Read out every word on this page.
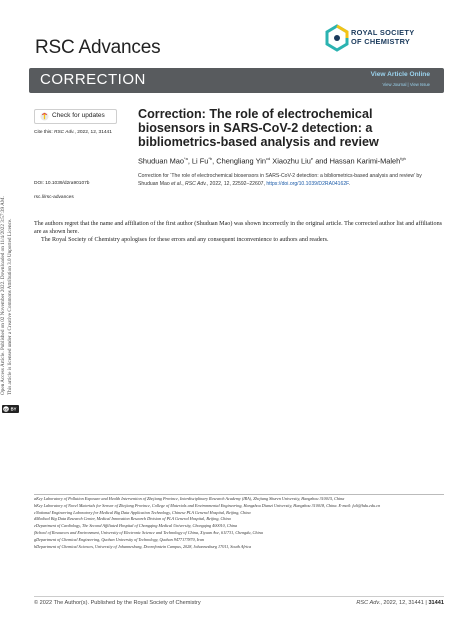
RSC Advances
ROYAL SOCIETY
OF CHEMISTRY
CORRECTION	View Article Online
View Journal | View Issue
Open Access Article. Published on 02 November 2022. Downloaded on 11/4/2022 3:57:39 AM. This article is licensed under a Creative Commons Attribution 3.0 Unported Licence.
cc BY
Check for updates
Cite this: RSC Adv., 2022, 12, 31441
DOI: 10.1039/d2ra90107b
rsc.li/rsc-advances
Correction: The role of electrochemical biosensors in SARS-CoV-2 detection: a bibliometrics-based analysis and review
Shuduan Mao$^{*a}$, Li Fu$^{*b}$, Chengliang Yin$^{cd}$ Xiaozhu Liu$^e$ and Hassan Karimi-Maleh$^{fgh}$
Correction for ‘The role of electrochemical biosensors in SARS-CoV-2 detection: a bibliometrics-based analysis and review’ by Shuduan Mao et al., RSC Adv., 2022, 12, 22592–22607, https://doi.org/10.1039/D2RA04162F.

The authors regret that the name and affiliation of the first author (Shuduan Mao) was shown incorrectly in the original article. The corrected author list and affiliations are as shown here.

The Royal Society of Chemistry apologises for these errors and any consequent inconvenience to authors and readers.

aKey Laboratory of Pollution Exposure and Health Intervention of Zhejiang Province, Interdisciplinary Research Academy (IRA), Zhejiang Shuren University, Hangzhou 310015, China
bKey Laboratory of Novel Materials for Sensor of Zhejiang Province, College of Materials and Environmental Engineering, Hangzhou Dianzi University, Hangzhou 310018, China. E-mail: fuli@hdu.edu.cn
cNational Engineering Laboratory for Medical Big Data Application Technology, Chinese PLA General Hospital, Beijing, China
dMedical Big Data Research Center, Medical Innovation Research Division of PLA General Hospital, Beijing, China
eDepartment of Cardiology, The Second Affiliated Hospital of Chongqing Medical University, Chongqing 400010, China
fSchool of Resources and Environment, University of Electronic Science and Technology of China, Xiyuan Ave, 611731, Chengdu, China
gDepartment of Chemical Engineering, Quchan University of Technology, Quchan 9477177870, Iran
hDepartment of Chemical Sciences, University of Johannesburg, Doornfontein Campus, 2028, Johannesburg 17011, South Africa
© 2022 The Author(s). Published by the Royal Society of Chemistry	RSC Adv., 2022, 12, 31441 | 31441
